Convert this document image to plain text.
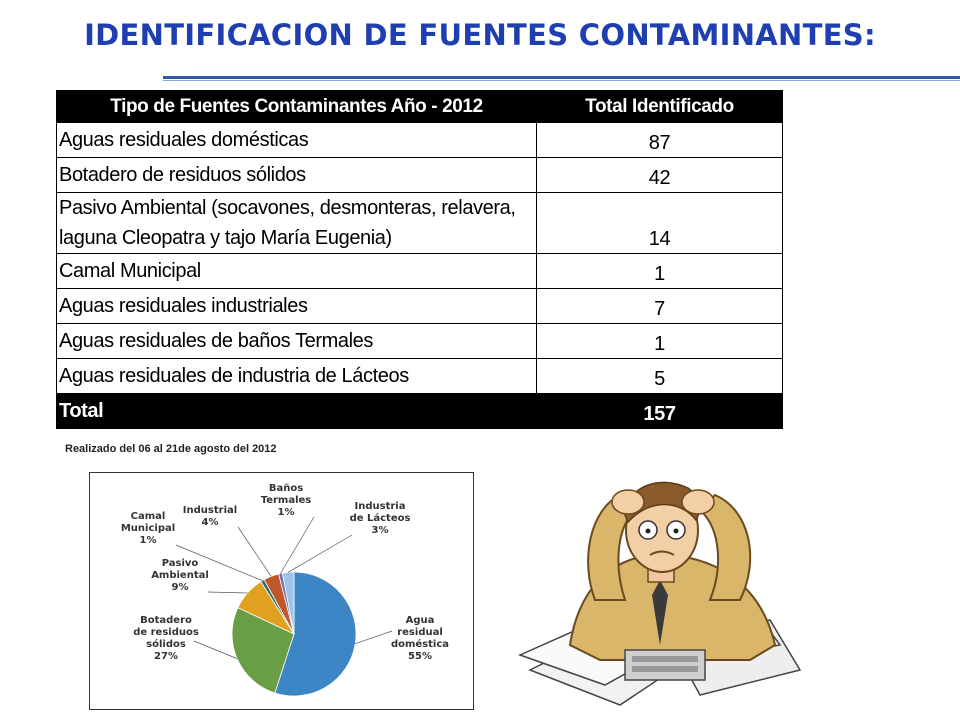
IDENTIFICACION DE FUENTES CONTAMINANTES:
Tipo de Fuentes Contaminantes Año - 2012	Total Identificado
Aguas residuales domésticas	87
Botadero de residuos sólidos	42
Pasivo Ambiental (socavones, desmonteras, relavera, laguna Cleopatra y tajo María Eugenia)	14
Camal Municipal	1
Aguas residuales industriales	7
Aguas residuales de baños Termales	1
Aguas residuales de industria de Lácteos	5
Total	157
Realizado del 06 al 21de agosto del 2012
Agua residual doméstica 55%
Botadero de residuos sólidos 27%
Pasivo Ambiental 9%
Camal Municipal 1%
Industrial 4%
Baños Termales 1%
Industria de Lácteos 3%
